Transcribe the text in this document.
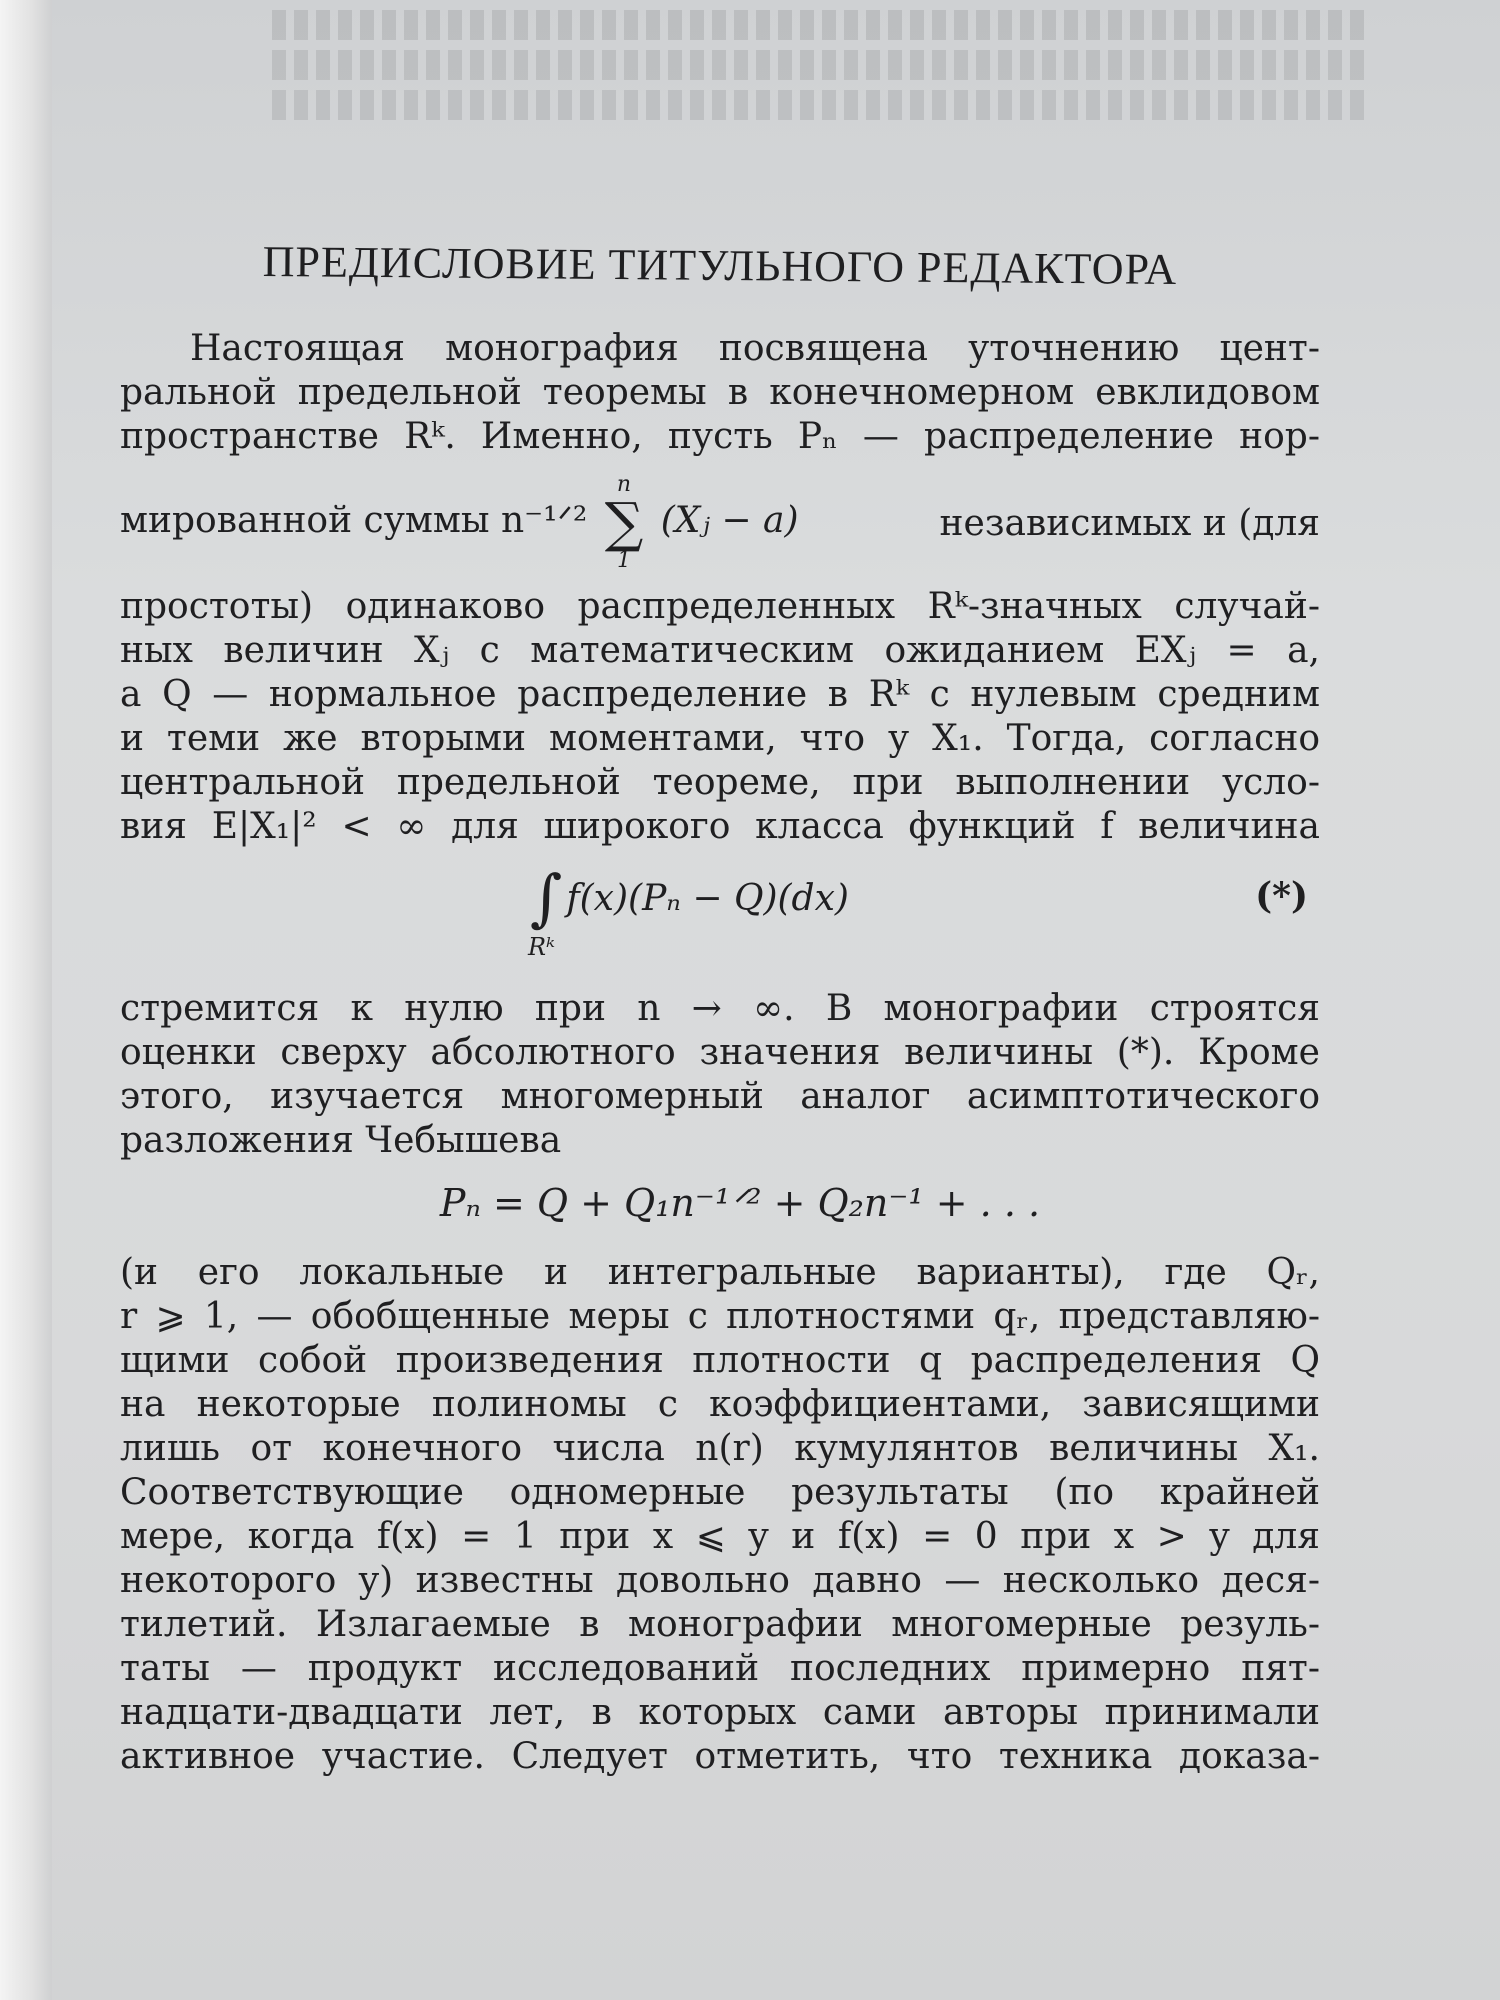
ПРЕДИСЛОВИЕ ТИТУЛЬНОГО РЕДАКТОРА

Настоящая монография посвящена уточнению цент-

ральной предельной теоремы в конечномерном евклидовом

пространстве Rᵏ. Именно, пусть Pₙ — распределение нор-

мированной суммы n⁻¹ᐟ²
n
∑
1
(Xⱼ − a)	независимых и (для

простоты) одинаково распределенных Rᵏ-значных случай-

ных величин Xⱼ с математическим ожиданием EXⱼ = a,

а Q — нормальное распределение в Rᵏ с нулевым средним

и теми же вторыми моментами, что у X₁. Тогда, согласно

центральной предельной теореме, при выполнении усло-

вия E|X₁|² < ∞ для широкого класса функций f величина

∫ f(x)(Pₙ − Q)(dx)
Rᵏ
(*)

стремится к нулю при n → ∞. В монографии строятся

оценки сверху абсолютного значения величины (*). Кроме

этого, изучается многомерный аналог асимптотического

разложения Чебышева

Pₙ = Q + Q₁n⁻¹ᐟ² + Q₂n⁻¹ + . . .

(и его локальные и интегральные варианты), где Qᵣ,

r ⩾ 1, — обобщенные меры с плотностями qᵣ, представляю-

щими собой произведения плотности q распределения Q

на некоторые полиномы с коэффициентами, зависящими

лишь от конечного числа n(r) кумулянтов величины X₁.

Соответствующие одномерные результаты (по крайней

мере, когда f(x) = 1 при x ⩽ y и f(x) = 0 при x > y для

некоторого y) известны довольно давно — несколько деся-

тилетий. Излагаемые в монографии многомерные резуль-

таты — продукт исследований последних примерно пят-

надцати-двадцати лет, в которых сами авторы принимали

активное участие. Следует отметить, что техника доказа-
